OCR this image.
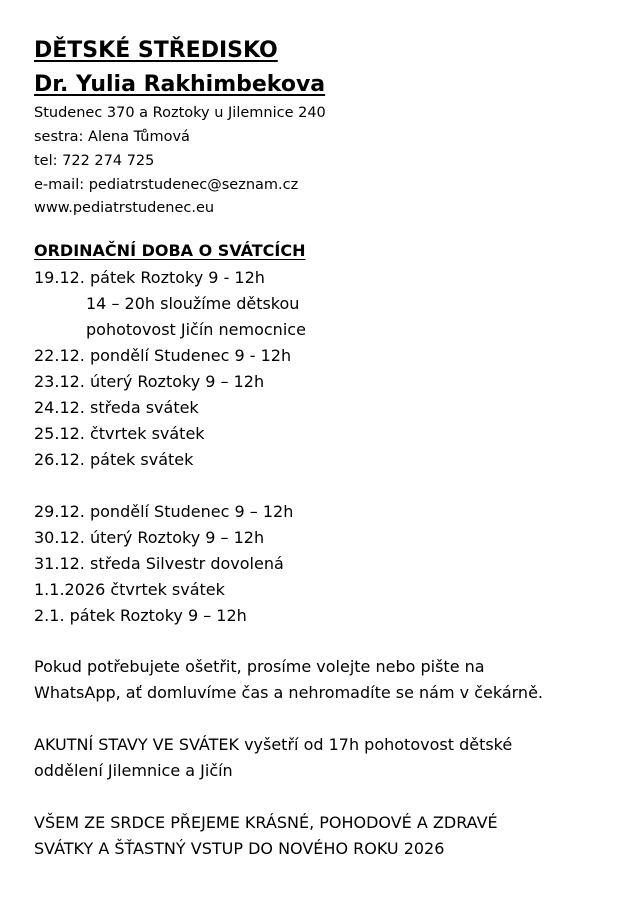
DĚTSKÉ STŘEDISKO
Dr. Yulia Rakhimbekova
Studenec 370 a Roztoky u Jilemnice 240
sestra: Alena Tůmová
tel: 722 274 725
e-mail: pediatrstudenec@seznam.cz
www.pediatrstudenec.eu
ORDINAČNÍ DOBA O SVÁTCÍCH
19.12. pátek Roztoky 9 - 12h
14 – 20h sloužíme dětskou
pohotovost Jičín nemocnice
22.12. pondělí Studenec 9 - 12h
23.12. úterý Roztoky 9 – 12h
24.12. středa svátek
25.12. čtvrtek svátek
26.12. pátek svátek
29.12. pondělí Studenec 9 – 12h
30.12. úterý Roztoky 9 – 12h
31.12. středa Silvestr dovolená
1.1.2026 čtvrtek svátek
2.1. pátek Roztoky 9 – 12h
Pokud potřebujete ošetřit, prosíme volejte nebo pište na
WhatsApp, ať domluvíme čas a nehromadíte se nám v čekárně.
AKUTNÍ STAVY VE SVÁTEK vyšetří od 17h pohotovost dětské
oddělení Jilemnice a Jičín
VŠEM ZE SRDCE PŘEJEME KRÁSNÉ, POHODOVÉ A ZDRAVÉ
SVÁTKY A ŠŤASTNÝ VSTUP DO NOVÉHO ROKU 2026
